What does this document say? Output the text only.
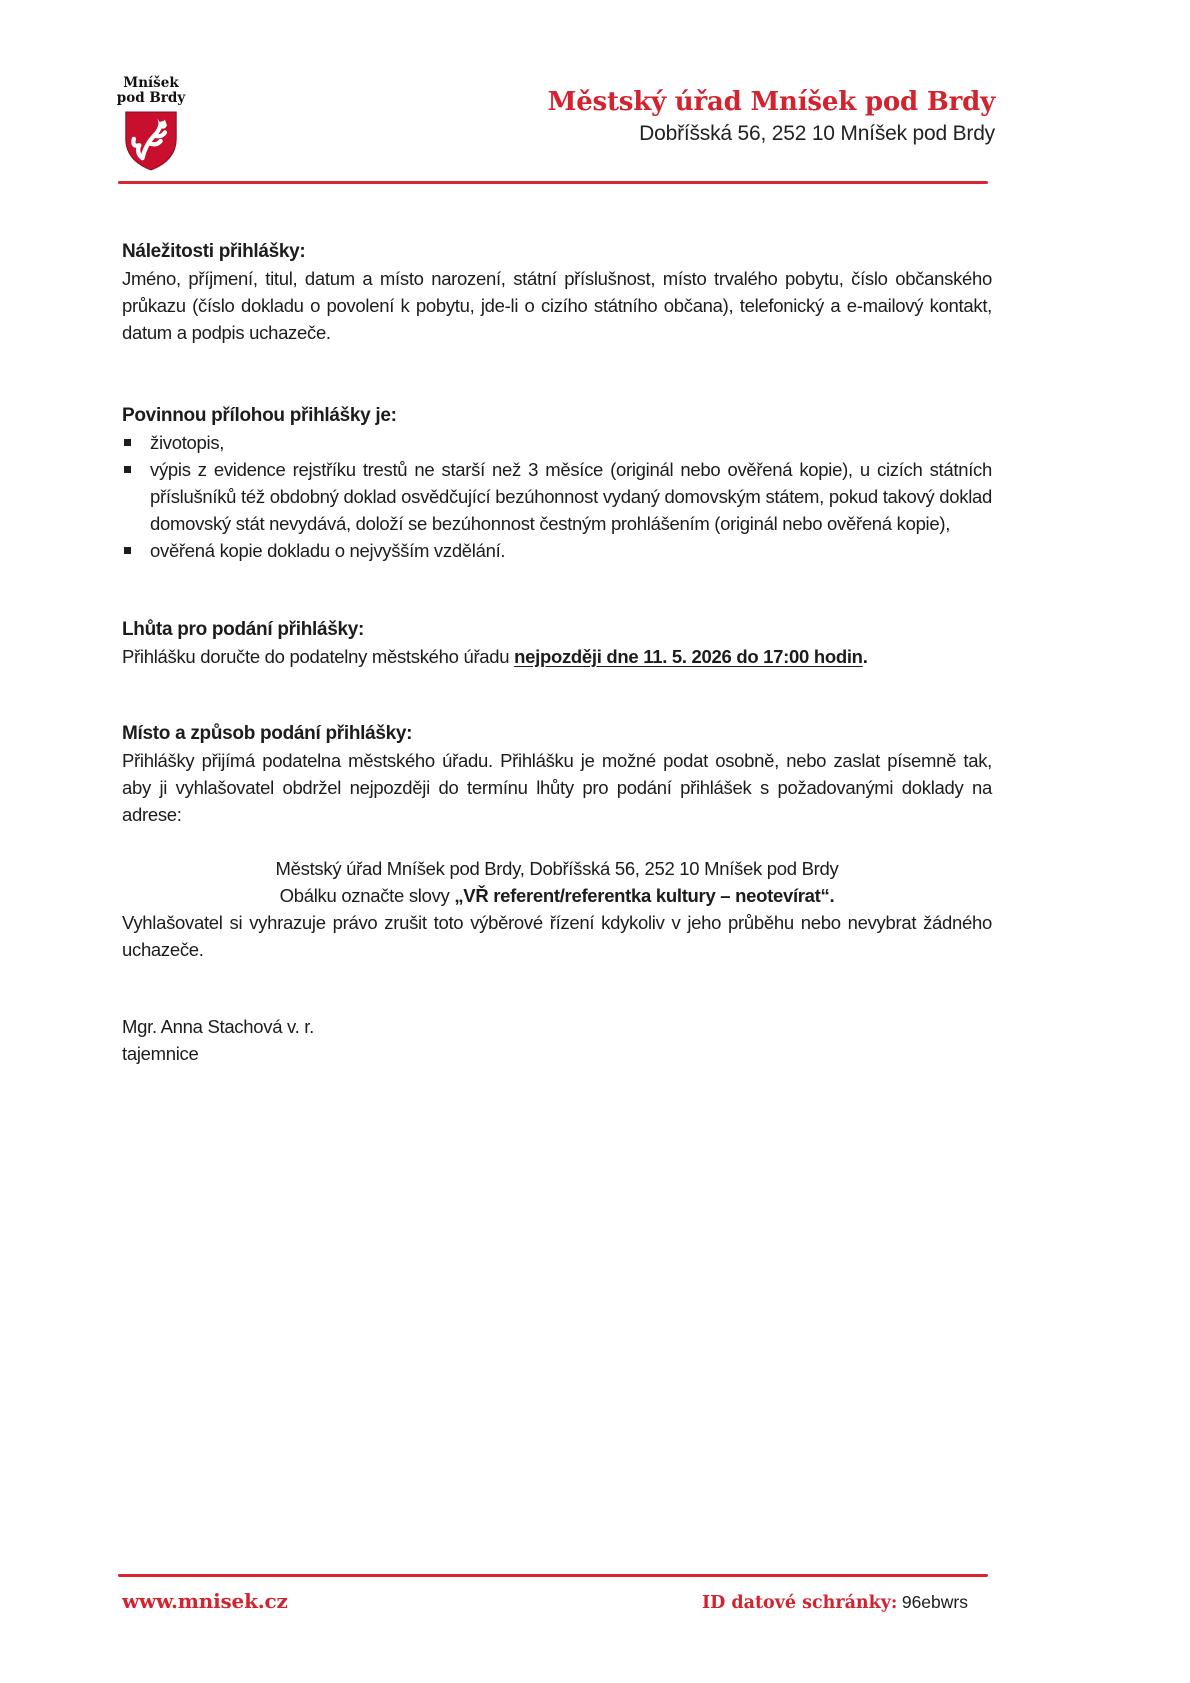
Mníšek
pod Brdy	Městský úřad Mníšek pod Brdy
Dobříšská 56, 252 10 Mníšek pod Brdy
Náležitosti přihlášky:

Jméno, příjmení, titul, datum a místo narození, státní příslušnost, místo trvalého pobytu, číslo občanského průkazu (číslo dokladu o povolení k pobytu, jde-li o cizího státního občana), telefonický a e-mailový kontakt, datum a podpis uchazeče.

Povinnou přílohou přihlášky je:
životopis,
výpis z evidence rejstříku trestů ne starší než 3 měsíce (originál nebo ověřená kopie), u cizích státních příslušníků též obdobný doklad osvědčující bezúhonnost vydaný domovským státem, pokud takový doklad domovský stát nevydává, doloží se bezúhonnost čestným prohlášením (originál nebo ověřená kopie),
ověřená kopie dokladu o nejvyšším vzdělání.
Lhůta pro podání přihlášky:

Přihlášku doručte do podatelny městského úřadu nejpozději dne 11. 5. 2026 do 17:00 hodin.

Místo a způsob podání přihlášky:

Přihlášky přijímá podatelna městského úřadu. Přihlášku je možné podat osobně, nebo zaslat písemně tak, aby ji vyhlašovatel obdržel nejpozději do termínu lhůty pro podání přihlášek s požadovanými doklady na adrese:

Městský úřad Mníšek pod Brdy, Dobříšská 56, 252 10 Mníšek pod Brdy
Obálku označte slovy „VŘ referent/referentka kultury – neotevírat“.

Vyhlašovatel si vyhrazuje právo zrušit toto výběrové řízení kdykoliv v jeho průběhu nebo nevybrat žádného uchazeče.

Mgr. Anna Stachová v. r.
tajemnice
www.mnisek.cz	ID datové schránky: 96ebwrs
